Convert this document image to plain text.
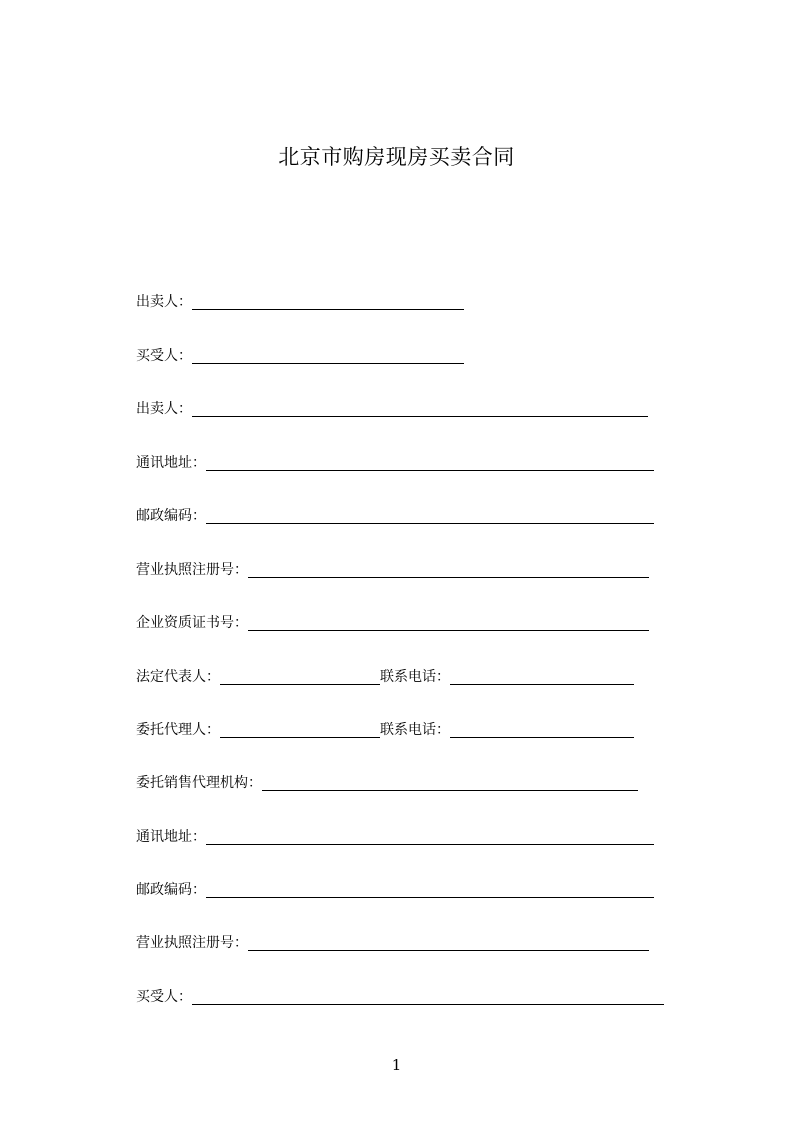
北京市购房现房买卖合同
出卖人：
买受人：
出卖人：
通讯地址：
邮政编码：
营业执照注册号：
企业资质证书号：
法定代表人：	联系电话：
委托代理人：	联系电话：
委托销售代理机构：
通讯地址：
邮政编码：
营业执照注册号：
买受人：
1
